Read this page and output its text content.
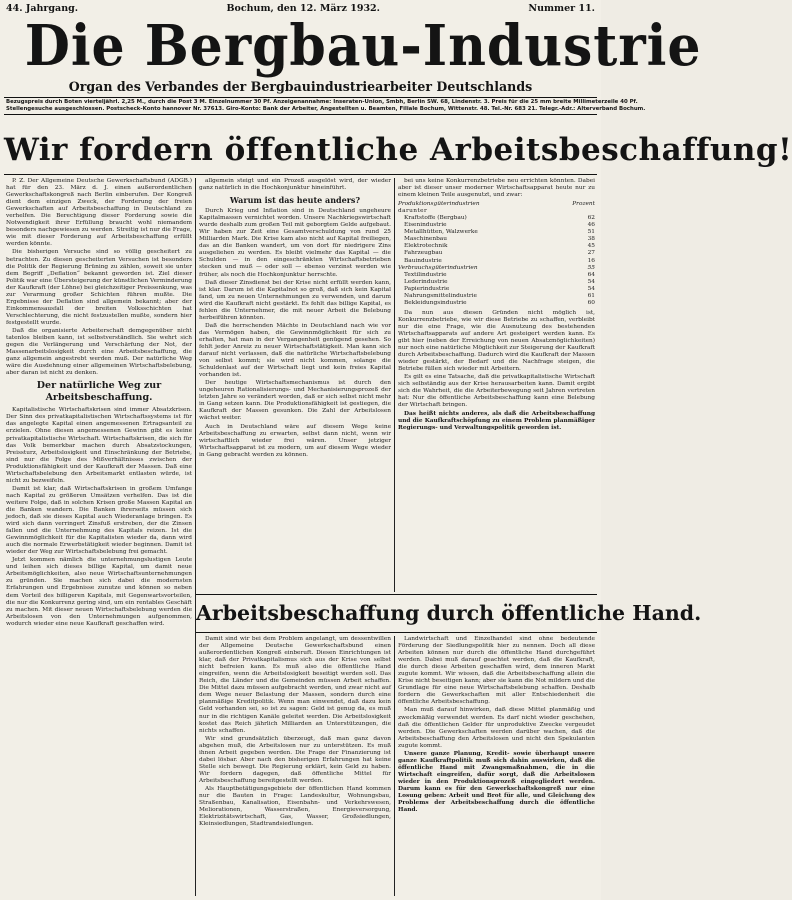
44. Jahrgang.	Bochum, den 12. März 1932.	Nummer 11.
Die Bergbau-Industrie
Organ des Verbandes der Bergbauindustriearbeiter Deutschlands
Bezugspreis durch Boten vierteljährl. 2,25 M., durch die Post 3 M. Einzelnummer 30 Pf. Anzeigenannahme: Inseraten-Union, Smbh, Berlin SW. 68, Lindenstr. 3. Preis für die 25 mm breite Millimeterzeile 40 Pf.
Stellengesuche ausgeschlossen. Postscheck-Konto hannover Nr. 37613. Giro-Konto: Bank der Arbeiter, Angestellten u. Beamten, Filiale Bochum, Wittenstr. 48. Tel.-Nr. 683 21. Telegr.-Adr.: Alterverband Bochum.
Wir fordern öffentliche Arbeitsbeschaffung!

P. Z. Der Allgemeine Deutsche Gewerkschaftsbund (ADGB.) hat für den 23. März d. J. einen außerordentlichen Gewerkschaftskongreß nach Berlin einberufen. Der Kongreß dient dem einzigen Zweck, der Forderung der freien Gewerkschaften auf Arbeitsbeschaffung in Deutschland zu verhelfen. Die Berechtigung dieser Forderung sowie die Notwendigkeit ihrer Erfüllung braucht wohl niemandem besonders nachgewiesen zu werden. Streitig ist nur die Frage, wie mit dieser Forderung auf Arbeitsbeschaffung erfüllt werden könnte.

Die bisherigen Versuche sind so völlig gescheitert zu betrachten. Zu diesen gescheiterten Versuchen ist besonders die Politik der Regierung Brüning zu zählen, soweit sie unter dem Begriff „Deflation“ bekannt geworden ist. Ziel dieser Politik war eine Übersteigerung der künstlichen Verminderung der Kaufkraft (der Löhne) bei gleichzeitiger Preissenkung, was zur Verarmung großer Schichten führen mußte. Die Ergebnisse der Deflation sind allgemein bekannt; aber der Einkommensausfall der breiten Volksschichten hat Verschlechterung, die nicht festzustellen mußte, sondern hier festgestellt wurde.

Daß die organisierte Arbeiterschaft demgegenüber nicht tatenlos bleiben kann, ist selbstverständlich. Sie wehrt sich gegen die Verlängerung und Verschärfung der Not, der Massenarbeitslosigkeit durch eine Arbeitsbeschaffung, die ganz allgemein angestrebt werden muß. Der natürliche Weg wäre die Ausdehnung einer allgemeinen Wirtschaftsbelebung, aber daran ist nicht zu denken.

Der natürliche Weg zur Arbeitsbeschaffung.

Kapitalistische Wirtschaftskrisen sind immer Absatzkrisen. Der Sinn des privatkapitalistischen Wirtschaftssystems ist für das angelegte Kapital einen angemessenen Ertragsanteil zu erzielen. Ohne diesen angemessenen Gewinn gibt es keine privatkapitalistische Wirtschaft. Wirtschaftskrisen, die sich für das Volk bemerkbar machen durch Absatzstockungen, Preissturz, Arbeitslosigkeit und Einschränkung der Betriebe, sind nur die Folge des Mißverhältnisses zwischen der Produktionsfähigkeit und der Kaufkraft der Massen. Daß eine Wirtschaftsbelebung den Arbeitsmarkt entlasten würde, ist nicht zu bezweifeln.

Damit ist klar, daß Wirtschaftskrisen in großem Umfange nach Kapital zu größeren Umsätzen verhelfen. Das ist die weitere Folge, daß in solchen Krisen große Massen Kapital an die Banken wandern. Die Banken ihrerseits müssen sich jedoch, daß sie dieses Kapital auch Wiederanlage bringen. Es wird sich dann verringert Zinsfuß erstreben, der die Zinsen fallen und die Unternehmung des Kapitals reizen. Ist die Gewinnmöglichkeit für die Kapitalisten wieder da, dann wird auch die normale Erwerbstätigkeit wieder beginnen. Damit ist wieder der Weg zur Wirtschaftsbelebung frei gemacht.

Jetzt kommen nämlich die unternehmungslustigen Leute und leihen sich dieses billige Kapital, um damit neue Arbeitsmöglichkeiten, also neue Wirtschaftsunternehmungen zu gründen. Sie machen sich dabei die modernsten Erfahrungen und Ergebnisse zunutze und können so neben dem Vorteil des billigeren Kapitals, mit Gegenwartsvorteilen, die nur die Konkurrenz gering sind, um ein rentables Geschäft zu machen. Mit dieser neuen Wirtschaftsbelebung werden die Arbeitslosen von den Unternehmungen aufgenommen, wodurch wieder eine neue Kaufkraft geschaffen wird.

allgemein steigt und ein Prozeß ausgelöst wird, der wieder ganz natürlich in die Hochkonjunktur hineinführt.

Warum ist das heute anders?

Durch Krieg und Inflation sind in Deutschland ungeheure Kapitalmassen vernichtet worden. Unsere Nachkriegswirtschaft wurde deshalb zum großen Teil mit geborgtem Gelde aufgebaut. Wir haben zur Zeit eine Gesamtverschuldung von rund 25 Milliarden Mark. Die Krise kam also nicht auf Kapital freiliegen, das an die Banken wandert, um von dort für niedrigere Zins ausgeliehen zu werden. Es bleibt vielmehr das Kapital — die Schulden — in den eingeschränkten Wirtschaftsbetrieben stecken und muß — oder soll — ebenso verzinst werden wie früher, als noch die Hochkonjunktur herrschte.

Daß dieser Zinsdienst bei der Krise nicht erfüllt werden kann, ist klar. Darum ist die Kapitalnot so groß, daß sich kein Kapital fand, um zu neuen Unternehmungen zu verwenden, und darum wird die Kaufkraft nicht gestärkt. Es fehlt das billige Kapital, es fehlen die Unternehmer, die mit neuer Arbeit die Belebung herbeiführen könnten.

Daß die herrschenden Mächte in Deutschland nach wie vor das Vermögen haben, die Gewinnmöglichkeit für sich zu erhalten, hat man in der Vergangenheit genügend gesehen. So fehlt jeder Anreiz zu neuer Wirtschaftstätigkeit. Man kann sich darauf nicht verlassen, daß die natürliche Wirtschaftsbelebung von selbst kommt; sie wird nicht kommen, solange die Schuldenlast auf der Wirtschaft liegt und kein freies Kapital vorhanden ist.

Der heutige Wirtschaftsmechanismus ist durch den ungeheuren Rationalisierungs- und Mechanisierungsprozeß der letzten Jahre so verändert worden, daß er sich selbst nicht mehr in Gang setzen kann. Die Produktionsfähigkeit ist gestiegen, die Kaufkraft der Massen gesunken. Die Zahl der Arbeitslosen wächst weiter.

Auch in Deutschland wäre auf diesem Wege keine Arbeitsbeschaffung zu erwarten, selbst dann nicht, wenn wir wirtschaftlich wieder frei wären. Unser jetziger Wirtschaftsapparat ist zu modern, um auf diesem Wege wieder in Gang gebracht werden zu können.

bei uns keine Konkurrenzbetriebe neu errichten könnten. Dabei aber ist dieser unser moderner Wirtschaftsapparat heute nur zu einem kleinen Teile ausgenutzt, und zwar:

Produktionsgüterindustrien	Prozent
darunter
Kraftstoffe (Bergbau)	62
Eisenindustrie	46
Metallhütten, Walzwerke	51
Maschinenbau	38
Elektrotechnik	45
Fahrzeugbau	27
Bauindustrie	16
Verbrauchsgüterindustrien	55
Textilindustrie	64
Lederindustrie	54
Papierindustrie	54
Nahrungsmittelindustrie	61
Bekleidungsindustrie	60

Da nun aus diesen Gründen nicht möglich ist, Konkurrenzbetriebe, wie wir diese Betriebe zu schaffen, verbleibt nur die eine Frage, wie die Ausnutzung des bestehenden Wirtschaftsapparats auf andere Art gesteigert werden kann. Es gibt hier (neben der Erreichung von neuen Absatzmöglichkeiten) nur noch eine natürliche Möglichkeit zur Steigerung der Kaufkraft durch Arbeitsbeschaffung. Dadurch wird die Kaufkraft der Massen wieder gestärkt, der Bedarf und die Nachfrage steigen, die Betriebe füllen sich wieder mit Arbeitern.

Es gilt es eine Tatsache, daß die privatkapitalistische Wirtschaft sich selbständig aus der Krise herausarbeiten kann. Damit ergibt sich die Wahrheit, die die Arbeiterbewegung seit Jahren vertreten hat: Nur die öffentliche Arbeitsbeschaffung kann eine Belebung der Wirtschaft bringen.

Das heißt nichts anderes, als daß die Arbeitsbeschaffung und die Kaufkraftschöpfung zu einem Problem planmäßiger Regierungs- und Verwaltungspolitik geworden ist.

Arbeitsbeschaffung durch öffentliche Hand.

Damit sind wir bei dem Problem angelangt, um dessentwillen der Allgemeine Deutsche Gewerkschaftsbund einen außerordentlichen Kongreß einberuft. Diesen Einrichtungen ist klar, daß der Privatkapitalismus sich aus der Krise von selbst nicht befreien kann. Es muß also die öffentliche Hand eingreifen, wenn die Arbeitslosigkeit beseitigt werden soll. Das Reich, die Länder und die Gemeinden müssen Arbeit schaffen. Die Mittel dazu müssen aufgebracht werden, und zwar nicht auf dem Wege neuer Belastung der Massen, sondern durch eine planmäßige Kreditpolitik. Wenn man einwendet, daß dazu kein Geld vorhanden sei, so ist zu sagen: Geld ist genug da, es muß nur in die richtigen Kanäle geleitet werden. Die Arbeitslosigkeit kostet das Reich jährlich Milliarden an Unterstützungen, die nichts schaffen.

Wir sind grundsätzlich überzeugt, daß man ganz davon abgehen muß, die Arbeitslosen nur zu unterstützen. Es muß ihnen Arbeit gegeben werden. Die Frage der Finanzierung ist dabei lösbar. Aber nach den bisherigen Erfahrungen hat keine Stelle sich bewegt. Die Regierung erklärt, kein Geld zu haben. Wir fordern dagegen, daß öffentliche Mittel für Arbeitsbeschaffung bereitgestellt werden.

Als Hauptbetätigungsgebiete der öffentlichen Hand kommen nur die Bauten in Frage: Landeskultur, Wohnungsbau, Straßenbau, Kanalisation, Eisenbahn- und Verkehrswesen, Meliorationen, Wasserstraßen, Energieversorgung, Elektrizitätswirtschaft, Gas, Wasser, Großsiedlungen, Kleinsiedlungen, Stadtrandsiedlungen.

Landwirtschaft und Einzelhandel sind ohne bedeutende Förderung der Siedlungspolitik hier zu nennen. Doch all diese Arbeiten können nur durch die öffentliche Hand durchgeführt werden. Dabei muß darauf geachtet werden, daß die Kaufkraft, die durch diese Arbeiten geschaffen wird, dem inneren Markt zugute kommt. Wir wissen, daß die Arbeitsbeschaffung allein die Krise nicht beseitigen kann; aber sie kann die Not mildern und die Grundlage für eine neue Wirtschaftsbelebung schaffen. Deshalb fordern die Gewerkschaften mit aller Entschiedenheit die öffentliche Arbeitsbeschaffung.

Man muß darauf hinwirken, daß diese Mittel planmäßig und zweckmäßig verwendet werden. Es darf nicht wieder geschehen, daß die öffentlichen Gelder für unproduktive Zwecke vergeudet werden. Die Gewerkschaften werden darüber wachen, daß die Arbeitsbeschaffung den Arbeitslosen und nicht den Spekulanten zugute kommt.

Unsere ganze Planung, Kredit- sowie überhaupt unsere ganze Kaufkraftpolitik muß sich dahin auswirken, daß die öffentliche Hand mit Zwangsmaßnahmen, die in die Wirtschaft eingreifen, dafür sorgt, daß die Arbeitslosen wieder in den Produktionsprozeß eingegliedert werden. Darum kann es für den Gewerkschaftskongreß nur eine Losung geben: Arbeit und Brot für alle, und Gleichung des Problems der Arbeitsbeschaffung durch die öffentliche Hand.
